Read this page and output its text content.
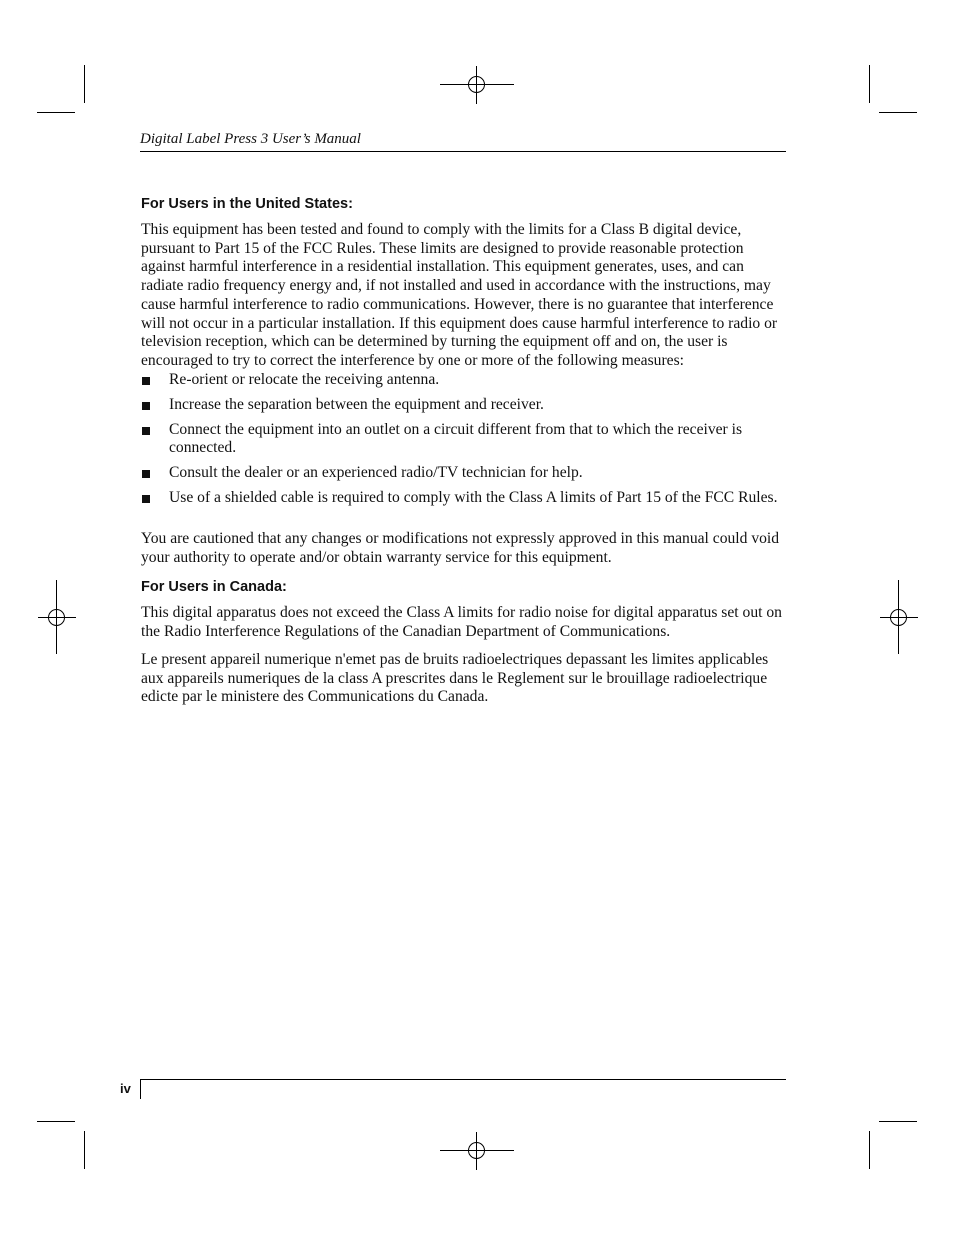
Digital Label Press 3 User’s Manual
For Users in the United States:

This equipment has been tested and found to comply with the limits for a Class B digital device, pursuant to Part 15 of the FCC Rules. These limits are designed to provide reasonable protection against harmful interference in a residential installation. This equipment generates, uses, and can radiate radio frequency energy and, if not installed and used in accordance with the instructions, may cause harmful interference to radio communications. However, there is no guarantee that interference will not occur in a particular installation. If this equipment does cause harmful interference to radio or television reception, which can be determined by turning the equipment off and on, the user is encouraged to try to correct the interference by one or more of the following measures:

Re-orient or relocate the receiving antenna.
Increase the separation between the equipment and receiver.
Connect the equipment into an outlet on a circuit different from that to which the receiver is connected.
Consult the dealer or an experienced radio/TV technician for help.
Use of a shielded cable is required to comply with the Class A limits of Part 15 of the FCC Rules.

You are cautioned that any changes or modifications not expressly approved in this manual could void your authority to operate and/or obtain warranty service for this equipment.

For Users in Canada:

This digital apparatus does not exceed the Class A limits for radio noise for digital apparatus set out on the Radio Interference Regulations of the Canadian Department of Communications.

Le present appareil numerique n'emet pas de bruits radioelectriques depassant les limites applicables aux appareils numeriques de la class A prescrites dans le Reglement sur le brouillage radioelectrique edicte par le ministere des Communications du Canada.

iv
